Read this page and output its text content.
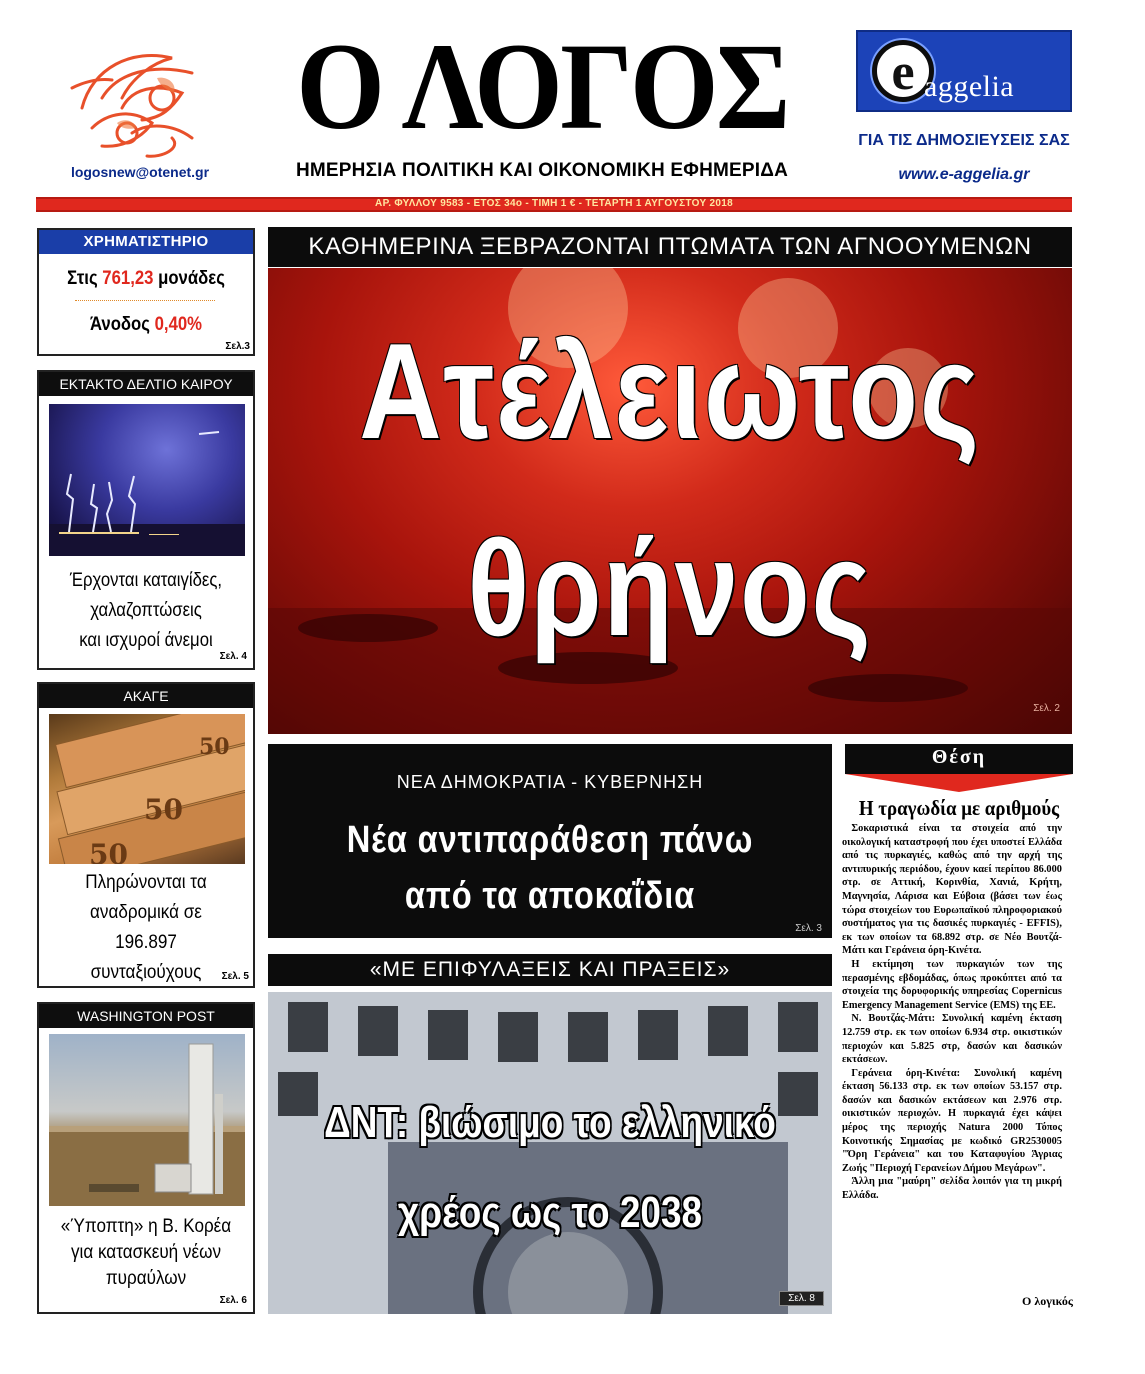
logosnew@otenet.gr
Ο ΛΟΓΟΣ
ΗΜΕΡΗΣΙΑ ΠΟΛΙΤΙΚΗ ΚΑΙ ΟΙΚΟΝΟΜΙΚΗ ΕΦΗΜΕΡΙΔΑ
e aggelia
ΓΙΑ ΤΙΣ ΔΗΜΟΣΙΕΥΣΕΙΣ ΣΑΣ
www.e-aggelia.gr
ΑΡ. ΦΥΛΛΟΥ 9583 - ΕΤΟΣ 34ο - ΤΙΜΗ 1 € - ΤΕΤΑΡΤΗ 1 ΑΥΓΟΥΣΤΟΥ 2018
ΧΡΗΜΑΤΙΣΤΗΡΙΟ
Στις 761,23 μονάδες
Άνοδος 0,40%
Σελ.3
ΕΚΤΑΚΤΟ ΔΕΛΤΙΟ ΚΑΙΡΟΥ
Έρχονται καταιγίδες,
χαλαζοπτώσεις
και ισχυροί άνεμοι
Σελ. 4
ΑΚΑΓΕ
50
50
50
Πληρώνονται τα
αναδρομικά σε
196.897
συνταξιούχους	Σελ. 5
WASHINGTON POST
«Ύποπτη» η Β. Κορέα
για κατασκευή νέων
πυραύλων
Σελ. 6
ΚΑΘΗΜΕΡΙΝΑ ΞΕΒΡΑΖΟΝΤΑΙ ΠΤΩΜΑΤΑ ΤΩΝ ΑΓΝΟΟΥΜΕΝΩΝ
Ατέλειωτος
θρήνος
Σελ. 2
ΝΕΑ ΔΗΜΟΚΡΑΤΙΑ - ΚΥΒΕΡΝΗΣΗ
Νέα αντιπαράθεση πάνω
από τα αποκαΐδια
Σελ. 3
«ΜΕ ΕΠΙΦΥΛΑΞΕΙΣ ΚΑΙ ΠΡΑΞΕΙΣ»
ΔΝΤ: βιώσιμο το ελληνικό
χρέος ως το 2038
Σελ. 8
Θέση
Η τραγωδία με αριθμούς

Σοκαριστικά είναι τα στοιχεία από την οικολογική καταστροφή που έχει υποστεί Ελλάδα από τις πυρκαγιές, καθώς από την αρχή της αντιπυρικής περιόδου, έχουν καεί περίπου 86.000 στρ. σε Αττική, Κορινθία, Χανιά, Κρήτη, Μαγνησία, Λάρισα και Εύβοια (βάσει των έως τώρα στοιχείων του Ευρωπαϊκού πληροφοριακού συστήματος για τις δασικές πυρκαγιές - EFFIS), εκ των οποίων τα 68.892 στρ. σε Νέο Βουτζά-Μάτι και Γεράνεια όρη-Κινέτα.

Η εκτίμηση των πυρκαγιών των της περασμένης εβδομάδας, όπως προκύπτει από τα στοιχεία της δορυφορικής υπηρεσίας Copernicus Emergency Management Service (EMS) της ΕΕ.

Ν. Βουτζάς-Μάτι: Συνολική καμένη έκταση 12.759 στρ. εκ των οποίων 6.934 στρ. οικιστικών περιοχών και 5.825 στρ, δασών και δασικών εκτάσεων.

Γεράνεια όρη-Κινέτα: Συνολική καμένη έκταση 56.133 στρ. εκ των οποίων 53.157 στρ. δασών και δασικών εκτάσεων και 2.976 στρ. οικιστικών περιοχών. Η πυρκαγιά έχει κάψει μέρος της περιοχής Natura 2000 Τόπος Κοινοτικής Σημασίας με κωδικό GR2530005 "Όρη Γεράνεια" και του Καταφυγίου Άγριας Ζωής "Περιοχή Γερανείων Δήμου Μεγάρων".

Άλλη μια "μαύρη" σελίδα λοιπόν για τη μικρή Ελλάδα.

Ο λογικός
